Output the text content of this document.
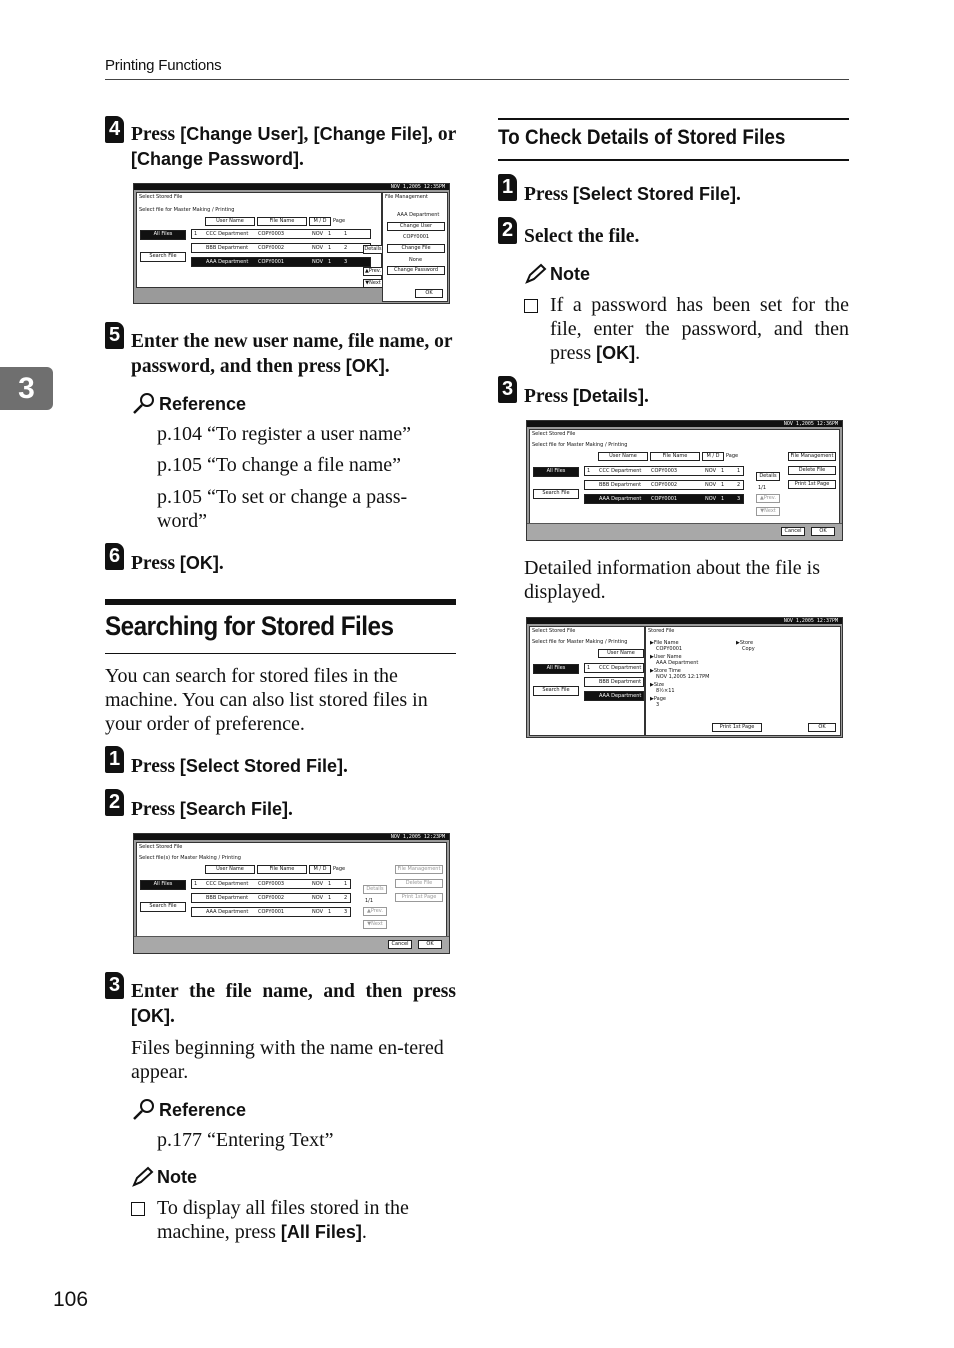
Printing Functions
3
4 Press [Change User], [Change File], or [Change Password].
NOV 1,2005 12:35PM
Select Stored File
Select file for Master Making / Printing
User Name	File Name	M / D	Page
All Files
Search File
1 CCC Department COPY0003	NOV 1	1
BBB Department COPY0002	NOV 1	2
AAA Department COPY0001	NOV 1	3
Details
▲Prev.
▼Next
File Management
AAA Department
Change User
COPY0001
Change File
None
Change Password
OK
5 Enter the new user name, file name, or password, and then press [OK].
Reference
p.104 “To register a user name”
p.105 “To change a file name”
p.105 “To set or change a pass-word”
6 Press [OK].
Searching for Stored Files
You can search for stored files in the machine. You can also list stored files in your order of preference.
1 Press [Select Stored File].
2 Press [Search File].
NOV 1,2005 12:23PM
Select Stored File
Select file(s) for Master Making / Printing
User Name	File Name	M / D	Page
All Files
Search File
1 CCC Department COPY0003	NOV 1	1
BBB Department COPY0002	NOV 1	2
AAA Department COPY0001	NOV 1	3
Details
1/1
▲Prev.
▼Next
File Management
Delete File
Print 1st Page
Cancel	OK
3 Enter the file name, and then press [OK].
Files beginning with the name en-tered appear.
Reference
p.177 “Entering Text”
Note
To display all files stored in the machine, press [All Files].
106
To Check Details of Stored Files
1 Press [Select Stored File].
2 Select the file.
Note
If a password has been set for the file, enter the password, and then press [OK].
3 Press [Details].
NOV 1,2005 12:36PM
Select Stored File
Select file for Master Making / Printing
User Name	File Name	M / D	Page
All Files
Search File
1 CCC Department COPY0003	NOV 1	1
BBB Department COPY0002	NOV 1	2
AAA Department COPY0001	NOV 1	3
Details
1/1
▲Prev.
▼Next
File Management
Delete File
Print 1st Page
Cancel	OK
Detailed information about the file is displayed.
NOV 1,2005 12:37PM
Select Stored File
Select file for Master Making / Printing
User Name
All Files
Search File
1 CCC Department
BBB Department
AAA Department
Stored File
▶File Name
COPY0001
▶Store
Copy
▶User Name
AAA Department
▶Store Time
NOV 1,2005 12:17PM
▶Size
8½×11
▶Page
3
Print 1st Page	OK
